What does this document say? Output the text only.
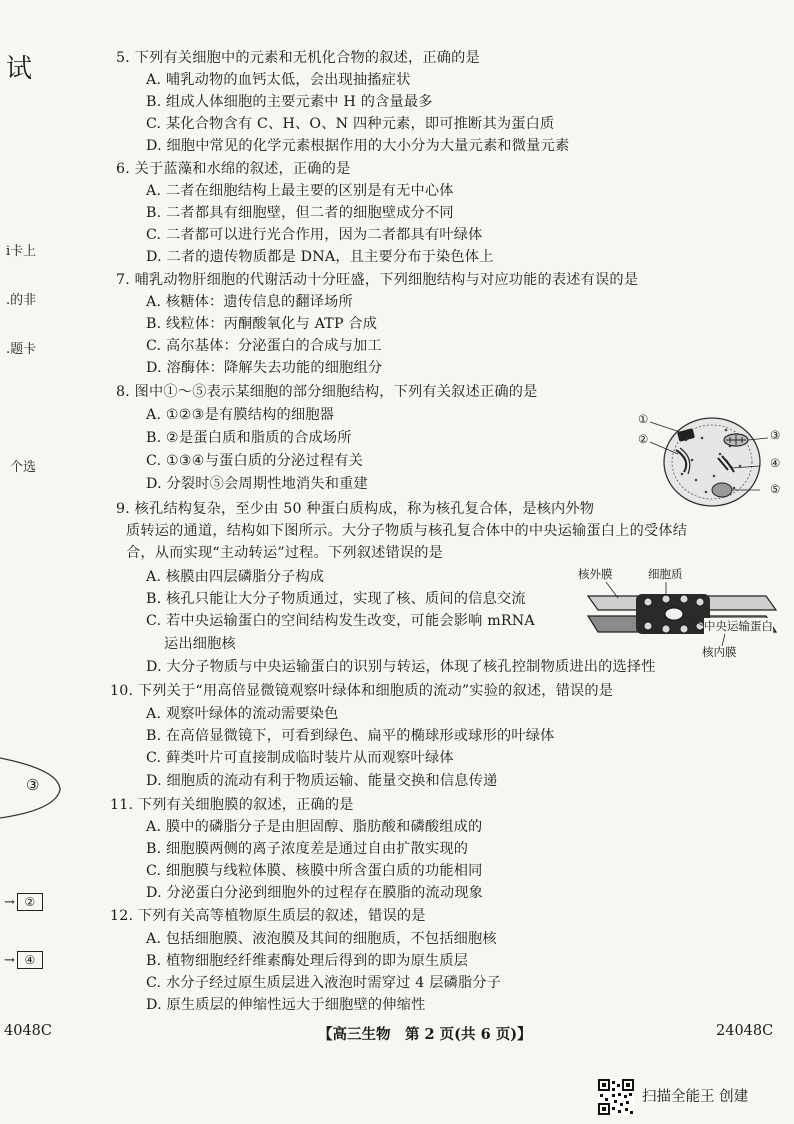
试
i卡上
.的非
.题卡
个选
③
→ ②
→ ④
5. 下列有关细胞中的元素和无机化合物的叙述，正确的是
A. 哺乳动物的血钙太低，会出现抽搐症状
B. 组成人体细胞的主要元素中 H 的含量最多
C. 某化合物含有 C、H、O、N 四种元素，即可推断其为蛋白质
D. 细胞中常见的化学元素根据作用的大小分为大量元素和微量元素
6. 关于蓝藻和水绵的叙述，正确的是
A. 二者在细胞结构上最主要的区别是有无中心体
B. 二者都具有细胞壁，但二者的细胞壁成分不同
C. 二者都可以进行光合作用，因为二者都具有叶绿体
D. 二者的遗传物质都是 DNA，且主要分布于染色体上
7. 哺乳动物肝细胞的代谢活动十分旺盛，下列细胞结构与对应功能的表述有误的是
A. 核糖体：遗传信息的翻译场所
B. 线粒体：丙酮酸氧化与 ATP 合成
C. 高尔基体：分泌蛋白的合成与加工
D. 溶酶体：降解失去功能的细胞组分
8. 图中①～⑤表示某细胞的部分细胞结构，下列有关叙述正确的是
A. ①②③是有膜结构的细胞器
B. ②是蛋白质和脂质的合成场所
C. ①③④与蛋白质的分泌过程有关
D. 分裂时⑤会周期性地消失和重建
①
②	③
④
⑤
9. 核孔结构复杂，至少由 50 种蛋白质构成，称为核孔复合体，是核内外物
质转运的通道，结构如下图所示。大分子物质与核孔复合体中的中央运输蛋白上的受体结
合，从而实现“主动转运”过程。下列叙述错误的是
A. 核膜由四层磷脂分子构成
B. 核孔只能让大分子物质通过，实现了核、质间的信息交流
C. 若中央运输蛋白的空间结构发生改变，可能会影响 mRNA
运出细胞核
D. 大分子物质与中央运输蛋白的识别与转运，体现了核孔控制物质进出的选择性
核外膜	细胞质
中央运输蛋白
核内膜
10. 下列关于“用高倍显微镜观察叶绿体和细胞质的流动”实验的叙述，错误的是
A. 观察叶绿体的流动需要染色
B. 在高倍显微镜下，可看到绿色、扁平的椭球形或球形的叶绿体
C. 藓类叶片可直接制成临时装片从而观察叶绿体
D. 细胞质的流动有利于物质运输、能量交换和信息传递
11. 下列有关细胞膜的叙述，正确的是
A. 膜中的磷脂分子是由胆固醇、脂肪酸和磷酸组成的
B. 细胞膜两侧的离子浓度差是通过自由扩散实现的
C. 细胞膜与线粒体膜、核膜中所含蛋白质的功能相同
D. 分泌蛋白分泌到细胞外的过程存在膜脂的流动现象
12. 下列有关高等植物原生质层的叙述，错误的是
A. 包括细胞膜、液泡膜及其间的细胞质，不包括细胞核
B. 植物细胞经纤维素酶处理后得到的即为原生质层
C. 水分子经过原生质层进入液泡时需穿过 4 层磷脂分子
D. 原生质层的伸缩性远大于细胞壁的伸缩性
4048C	【高三生物　第 2 页(共 6 页)】	24048C
扫描全能王 创建
